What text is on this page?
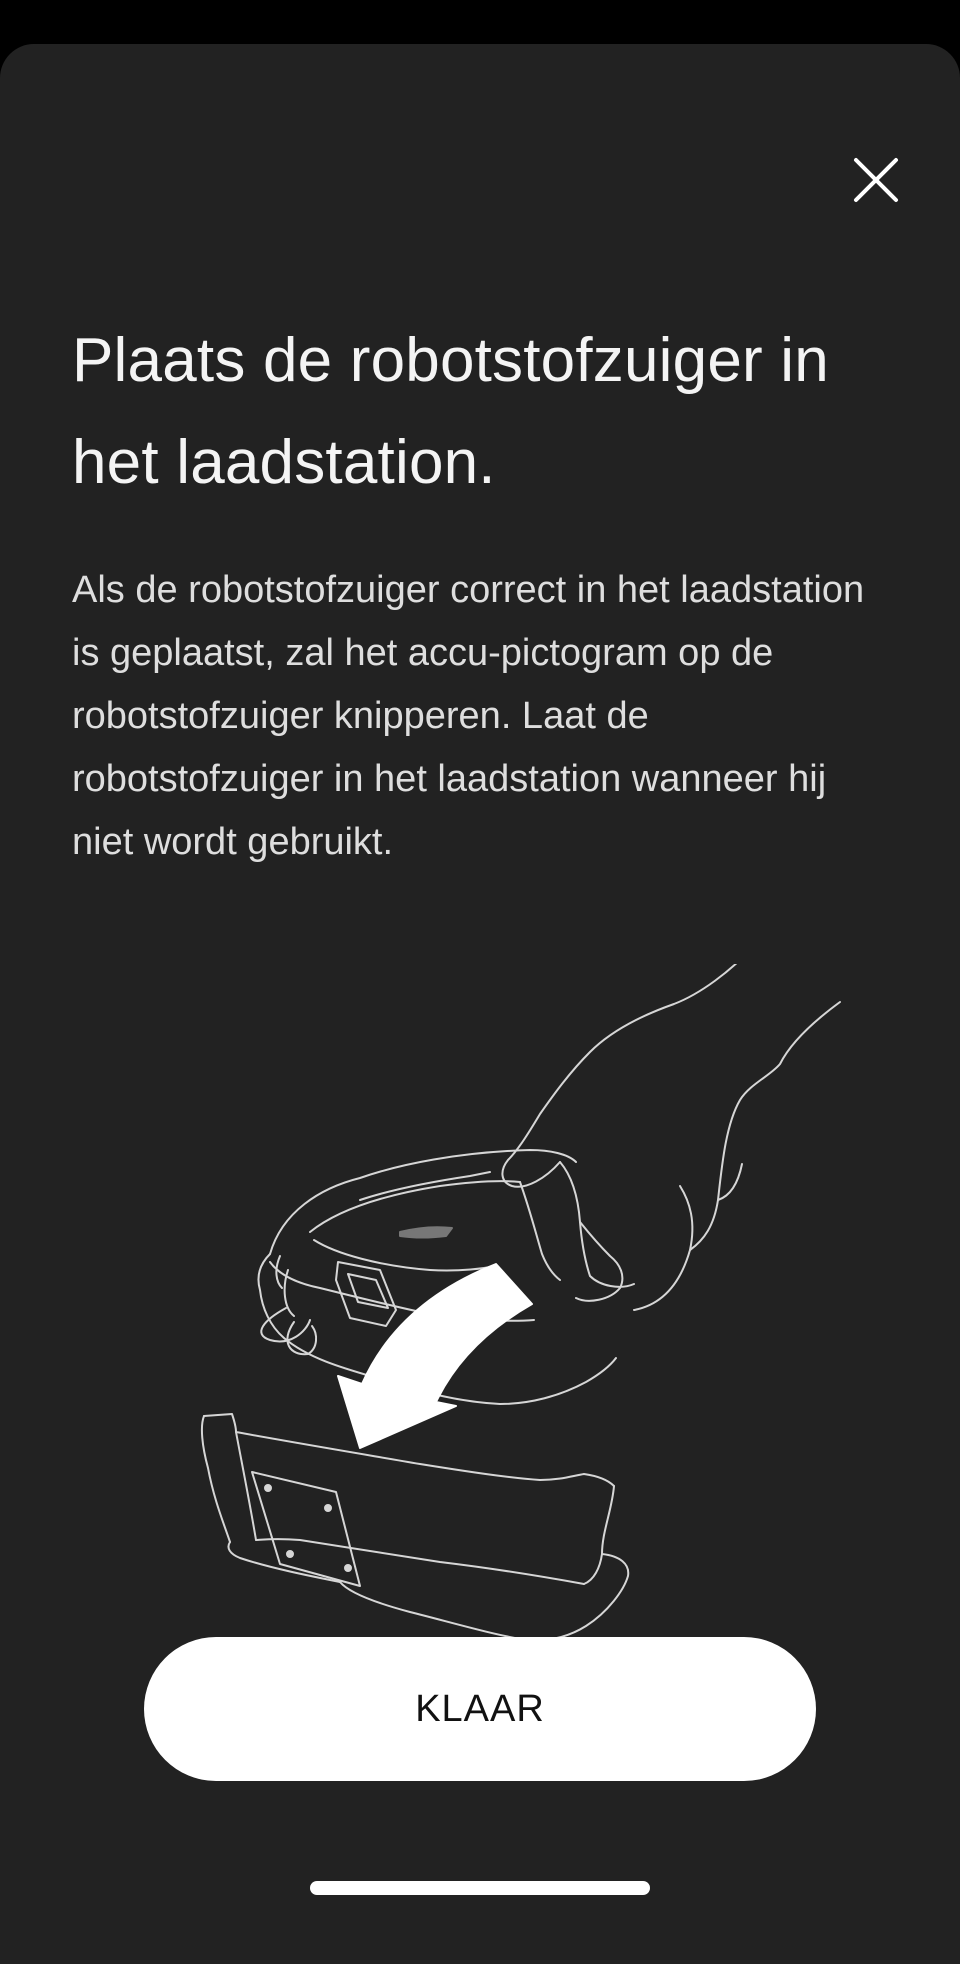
Plaats de robotstofzuiger in het laadstation.

Als de robotstofzuiger correct in het laadstation is geplaatst, zal het accu-pictogram op de robotstofzuiger knipperen. Laat de robotstofzuiger in het laadstation wanneer hij niet wordt gebruikt.

KLAAR
